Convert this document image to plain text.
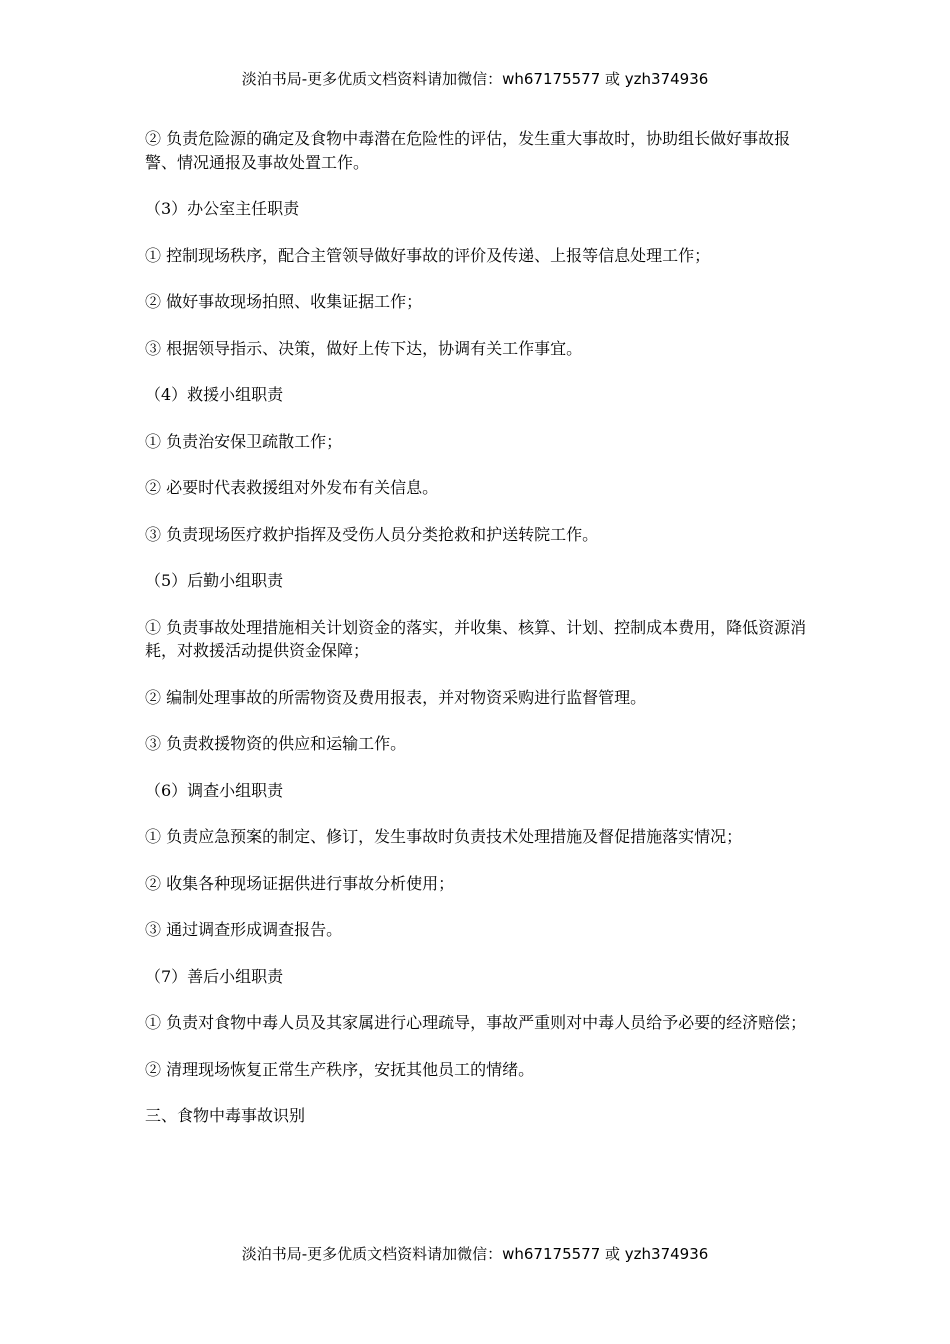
淡泊书局-更多优质文档资料请加微信：wh67175577 或 yzh374936

② 负责危险源的确定及食物中毒潜在危险性的评估，发生重大事故时，协助组长做好事故报警、情况通报及事故处置工作。

（3）办公室主任职责

① 控制现场秩序，配合主管领导做好事故的评价及传递、上报等信息处理工作；

② 做好事故现场拍照、收集证据工作；

③ 根据领导指示、决策，做好上传下达，协调有关工作事宜。

（4）救援小组职责

① 负责治安保卫疏散工作；

② 必要时代表救援组对外发布有关信息。

③ 负责现场医疗救护指挥及受伤人员分类抢救和护送转院工作。

（5）后勤小组职责

① 负责事故处理措施相关计划资金的落实，并收集、核算、计划、控制成本费用，降低资源消耗，对救援活动提供资金保障；

② 编制处理事故的所需物资及费用报表，并对物资采购进行监督管理。

③ 负责救援物资的供应和运输工作。

（6）调查小组职责

① 负责应急预案的制定、修订，发生事故时负责技术处理措施及督促措施落实情况；

② 收集各种现场证据供进行事故分析使用；

③ 通过调查形成调查报告。

（7）善后小组职责

① 负责对食物中毒人员及其家属进行心理疏导，事故严重则对中毒人员给予必要的经济赔偿；

② 清理现场恢复正常生产秩序，安抚其他员工的情绪。

三、食物中毒事故识别

淡泊书局-更多优质文档资料请加微信：wh67175577 或 yzh374936
